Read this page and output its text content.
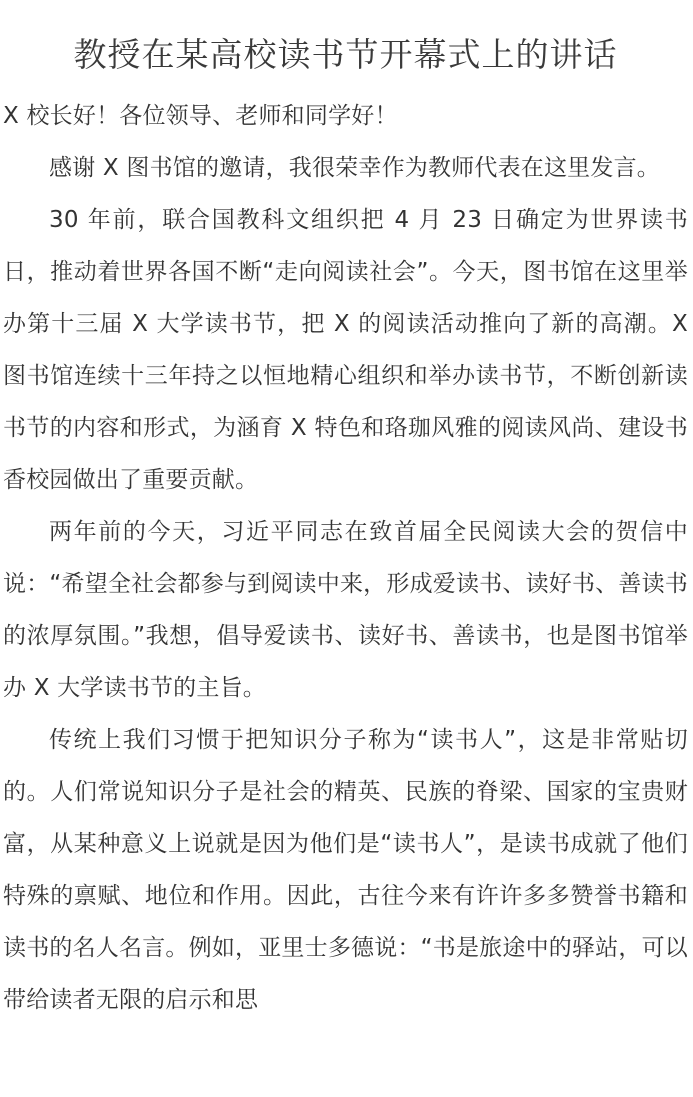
教授在某高校读书节开幕式上的讲话

X 校长好！各位领导、老师和同学好！

感谢 X 图书馆的邀请，我很荣幸作为教师代表在这里发言。

30 年前，联合国教科文组织把 4 月 23 日确定为世界读书日，推动着世界各国不断“走向阅读社会”。今天，图书馆在这里举办第十三届 X 大学读书节，把 X 的阅读活动推向了新的高潮。X 图书馆连续十三年持之以恒地精心组织和举办读书节，不断创新读书节的内容和形式，为涵育 X 特色和珞珈风雅的阅读风尚、建设书香校园做出了重要贡献。

两年前的今天，习近平同志在致首届全民阅读大会的贺信中说：“希望全社会都参与到阅读中来，形成爱读书、读好书、善读书的浓厚氛围。”我想，倡导爱读书、读好书、善读书，也是图书馆举办 X 大学读书节的主旨。

传统上我们习惯于把知识分子称为“读书人”，这是非常贴切的。人们常说知识分子是社会的精英、民族的脊梁、国家的宝贵财富，从某种意义上说就是因为他们是“读书人”，是读书成就了他们特殊的禀赋、地位和作用。因此，古往今来有许许多多赞誉书籍和读书的名人名言。例如，亚里士多德说：“书是旅途中的驿站，可以带给读者无限的启示和思
